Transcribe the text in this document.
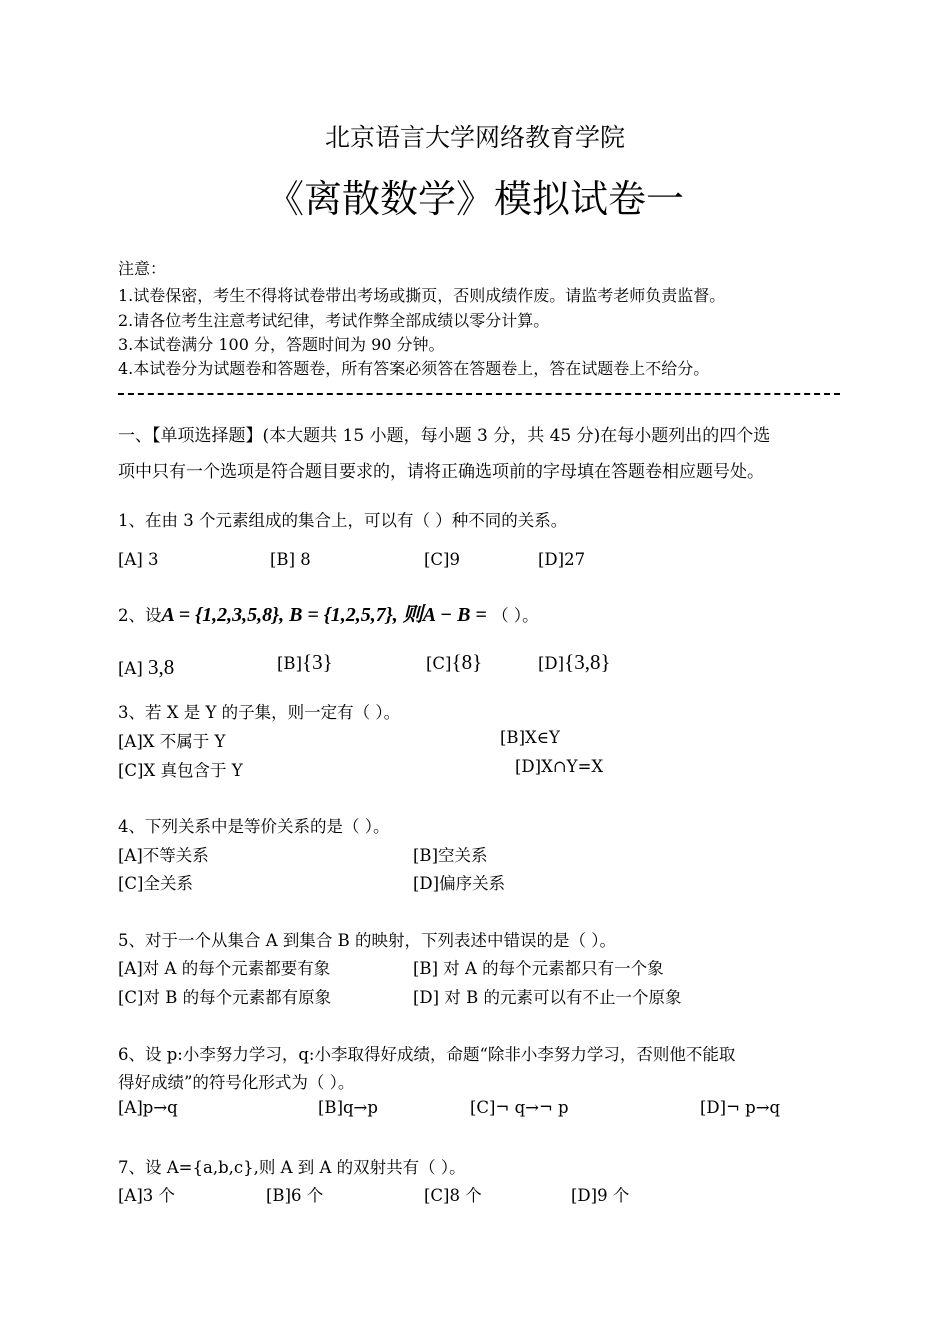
北京语言大学网络教育学院
《离散数学》模拟试卷一
注意：
1.试卷保密，考生不得将试卷带出考场或撕页，否则成绩作废。请监考老师负责监督。
2.请各位考生注意考试纪律，考试作弊全部成绩以零分计算。
3.本试卷满分 100 分，答题时间为 90 分钟。
4.本试卷分为试题卷和答题卷，所有答案必须答在答题卷上，答在试题卷上不给分。
一、【单项选择题】(本大题共 15 小题，每小题 3 分，共 45 分)在每小题列出的四个选
项中只有一个选项是符合题目要求的，请将正确选项前的字母填在答题卷相应题号处。
1、在由 3 个元素组成的集合上，可以有（ ）种不同的关系。
[A] 3	[B] 8	[C]9	[D]27
2、设A = {1,2,3,5,8}, B = {1,2,5,7}, 则A − B = （ ）。
[A] 3,8	[B]{3}	[C]{8}	[D]{3,8}
3、若 X 是 Y 的子集，则一定有（ ）。
[A]X 不属于 Y	[B]X∈Y
[C]X 真包含于 Y	[D]X∩Y=X
4、下列关系中是等价关系的是（ ）。
[A]不等关系	[B]空关系
[C]全关系	[D]偏序关系
5、对于一个从集合 A 到集合 B 的映射，下列表述中错误的是（ ）。
[A]对 A 的每个元素都要有象	[B] 对 A 的每个元素都只有一个象
[C]对 B 的每个元素都有原象	[D] 对 B 的元素可以有不止一个原象
6、设 p:小李努力学习，q:小李取得好成绩，命题“除非小李努力学习，否则他不能取
得好成绩”的符号化形式为（ ）。
[A]p→q	[B]q→p	[C]¬ q→¬ p	[D]¬ p→q
7、设 A={a,b,c},则 A 到 A 的双射共有（ ）。
[A]3 个	[B]6 个	[C]8 个	[D]9 个
